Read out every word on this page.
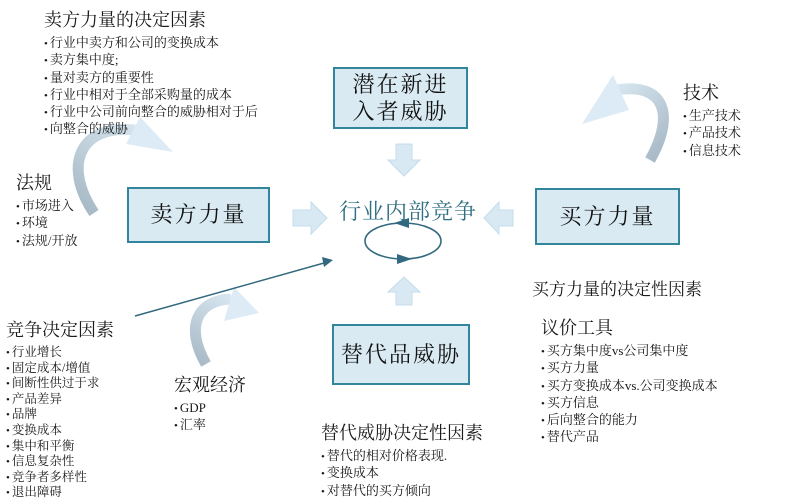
潜在新进
入者威胁
卖方力量	买方力量
替代品威胁
行业内部竞争
卖方力量的决定因素
• 行业中卖方和公司的变换成本
• 卖方集中度;
• 量对卖方的重要性
• 行业中相对于全部采购量的成本
• 行业中公司前向整合的威胁相对于后
• 向整合的威胁
法规
• 市场进入
• 环境
• 法规/开放
技术
• 生产技术
• 产品技术
• 信息技术
买方力量的决定性因素
议价工具
• 买方集中度vs公司集中度
• 买方力量
• 买方变换成本vs.公司变换成本
• 买方信息
• 后向整合的能力
• 替代产品
竞争决定因素
• 行业增长
• 固定成本/增值
• 间断性供过于求
• 产品差异
• 品牌
• 变换成本
• 集中和平衡
• 信息复杂性
• 竞争者多样性
• 退出障碍
宏观经济
• GDP
• 汇率	替代威胁决定性因素
• 替代的相对价格表现.
• 变换成本
• 对替代的买方倾向
